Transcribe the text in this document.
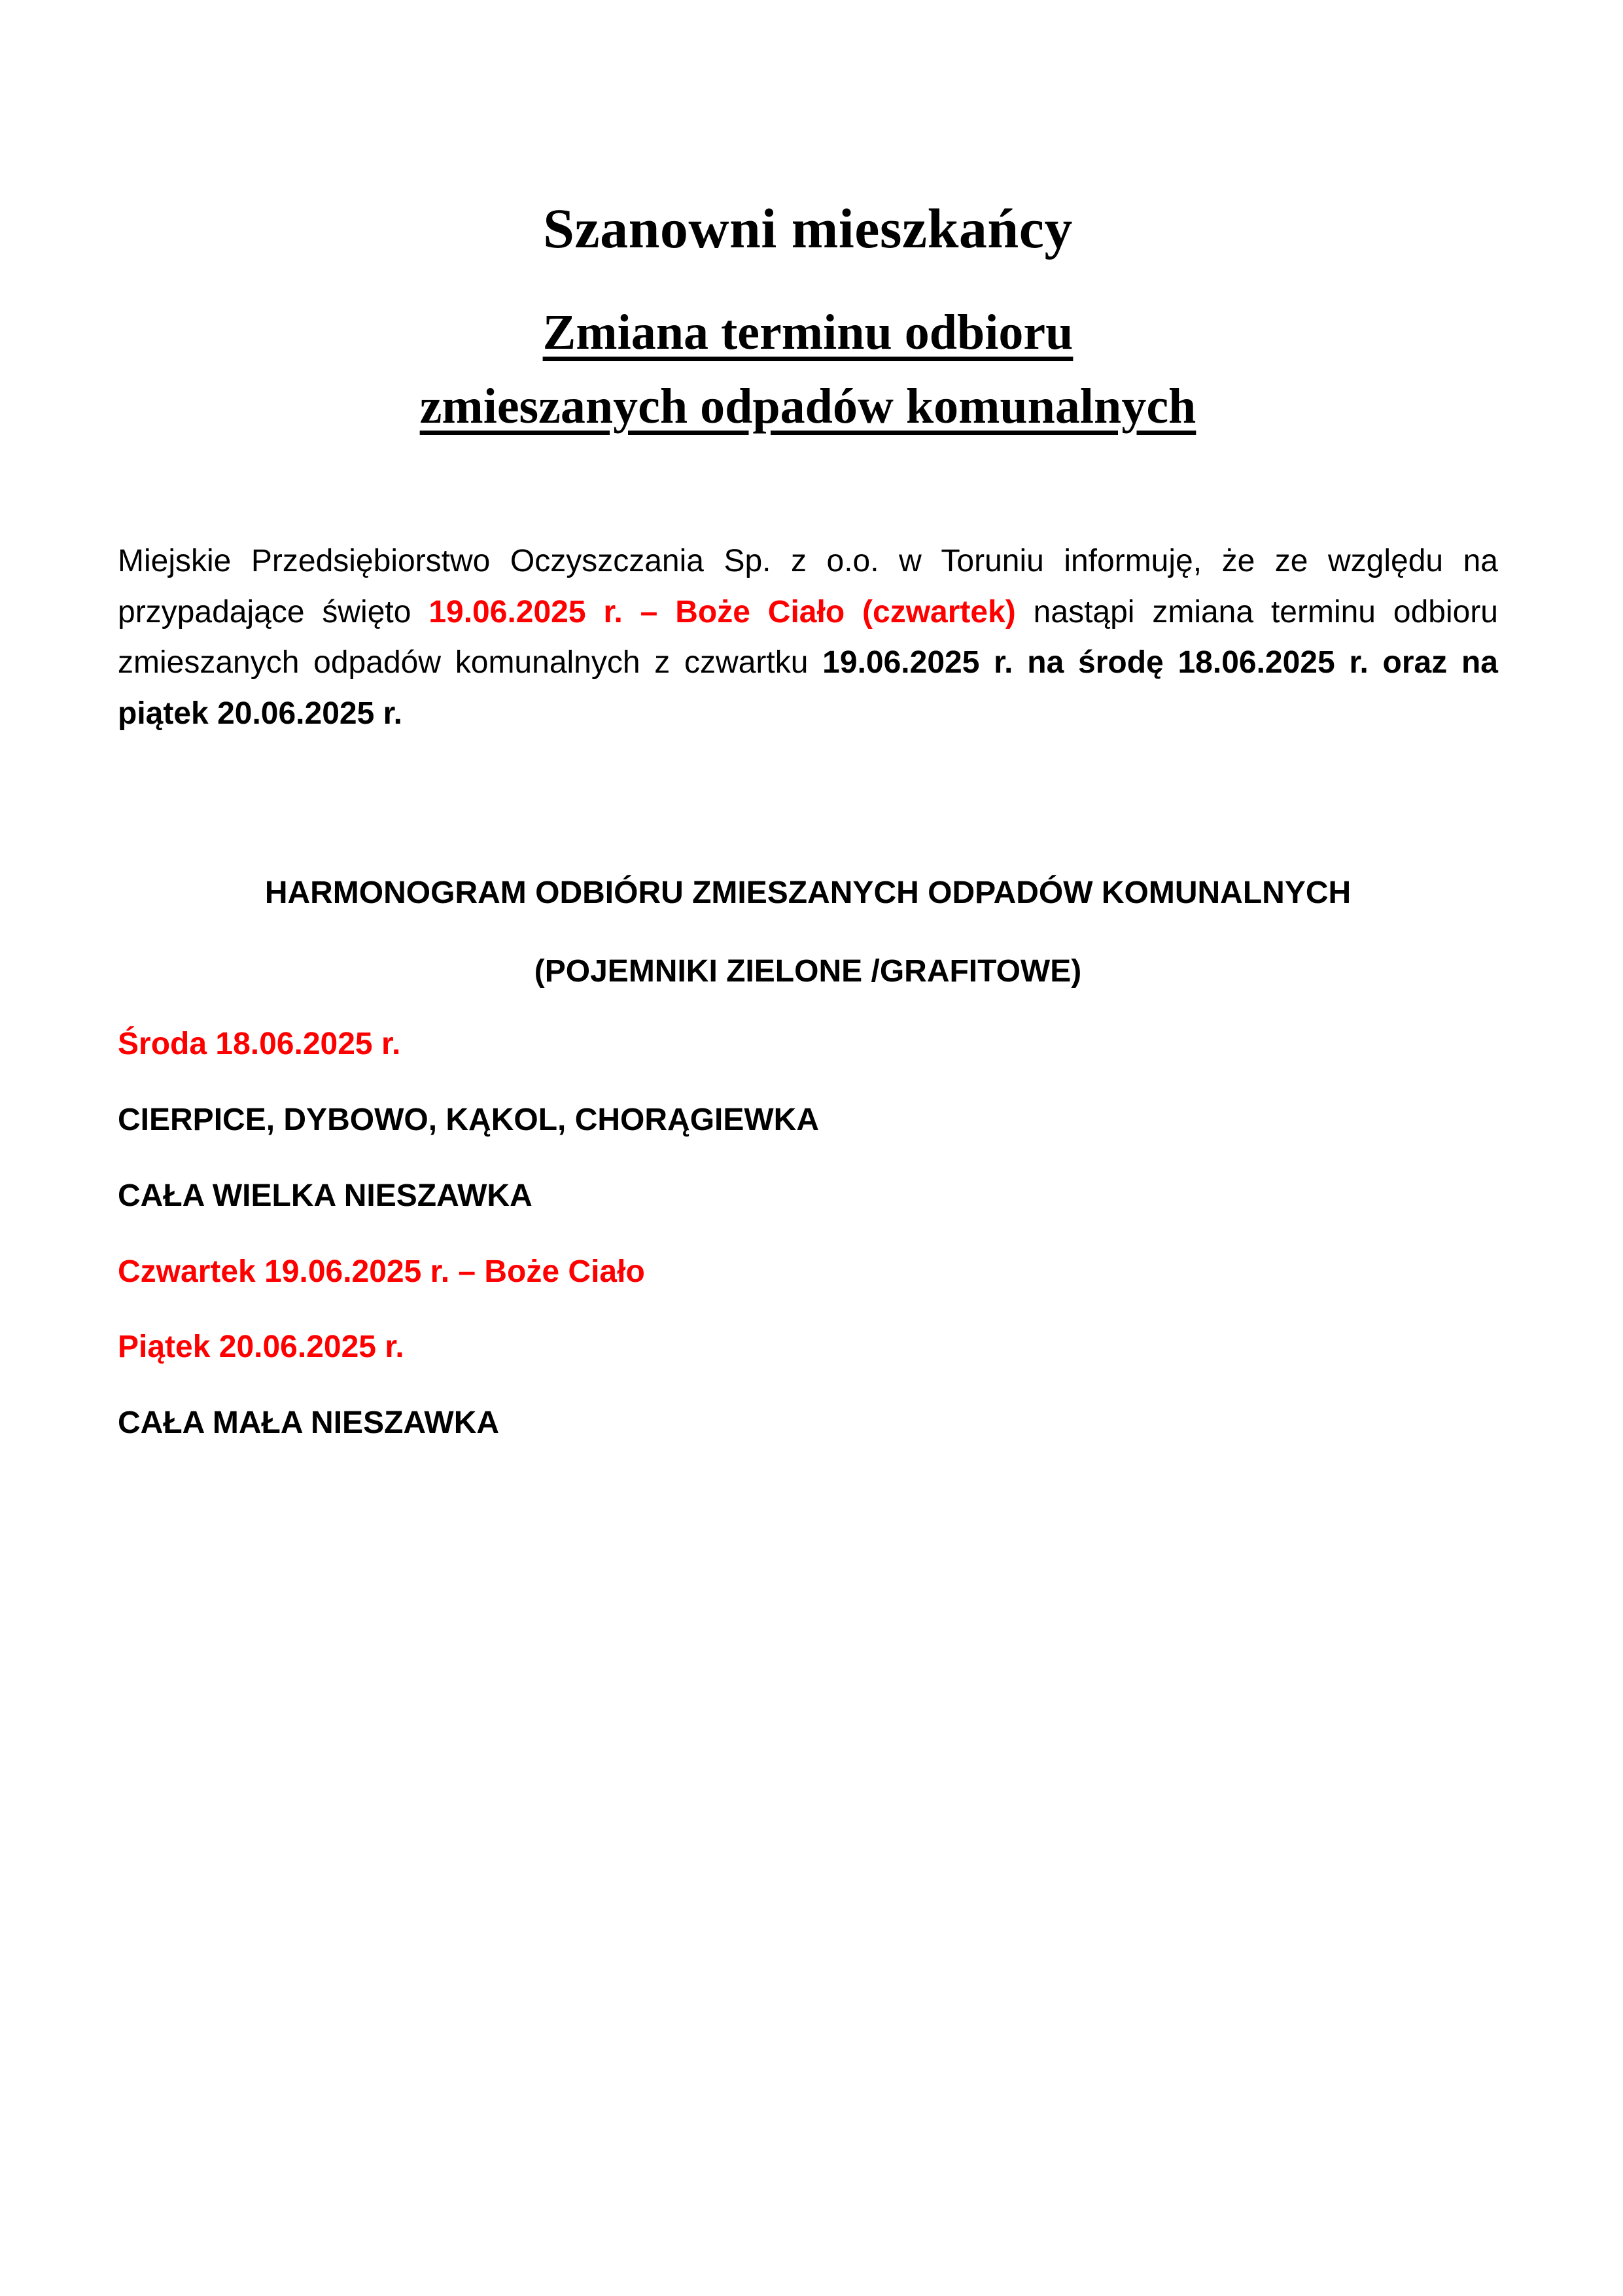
Szanowni mieszkańcy
Zmiana terminu odbioru
zmieszanych odpadów komunalnych

Miejskie Przedsiębiorstwo Oczyszczania Sp. z o.o. w Toruniu informuję, że ze względu na przypadające święto 19.06.2025 r. – Boże Ciało (czwartek) nastąpi zmiana terminu odbioru zmieszanych odpadów komunalnych z czwartku 19.06.2025 r. na środę 18.06.2025 r. oraz na piątek 20.06.2025 r.

HARMONOGRAM ODBIÓRU ZMIESZANYCH ODPADÓW KOMUNALNYCH

(POJEMNIKI ZIELONE /GRAFITOWE)

Środa 18.06.2025 r.
CIERPICE, DYBOWO, KĄKOL, CHORĄGIEWKA
CAŁA WIELKA NIESZAWKA
Czwartek 19.06.2025 r. – Boże Ciało
Piątek 20.06.2025 r.
CAŁA MAŁA NIESZAWKA
